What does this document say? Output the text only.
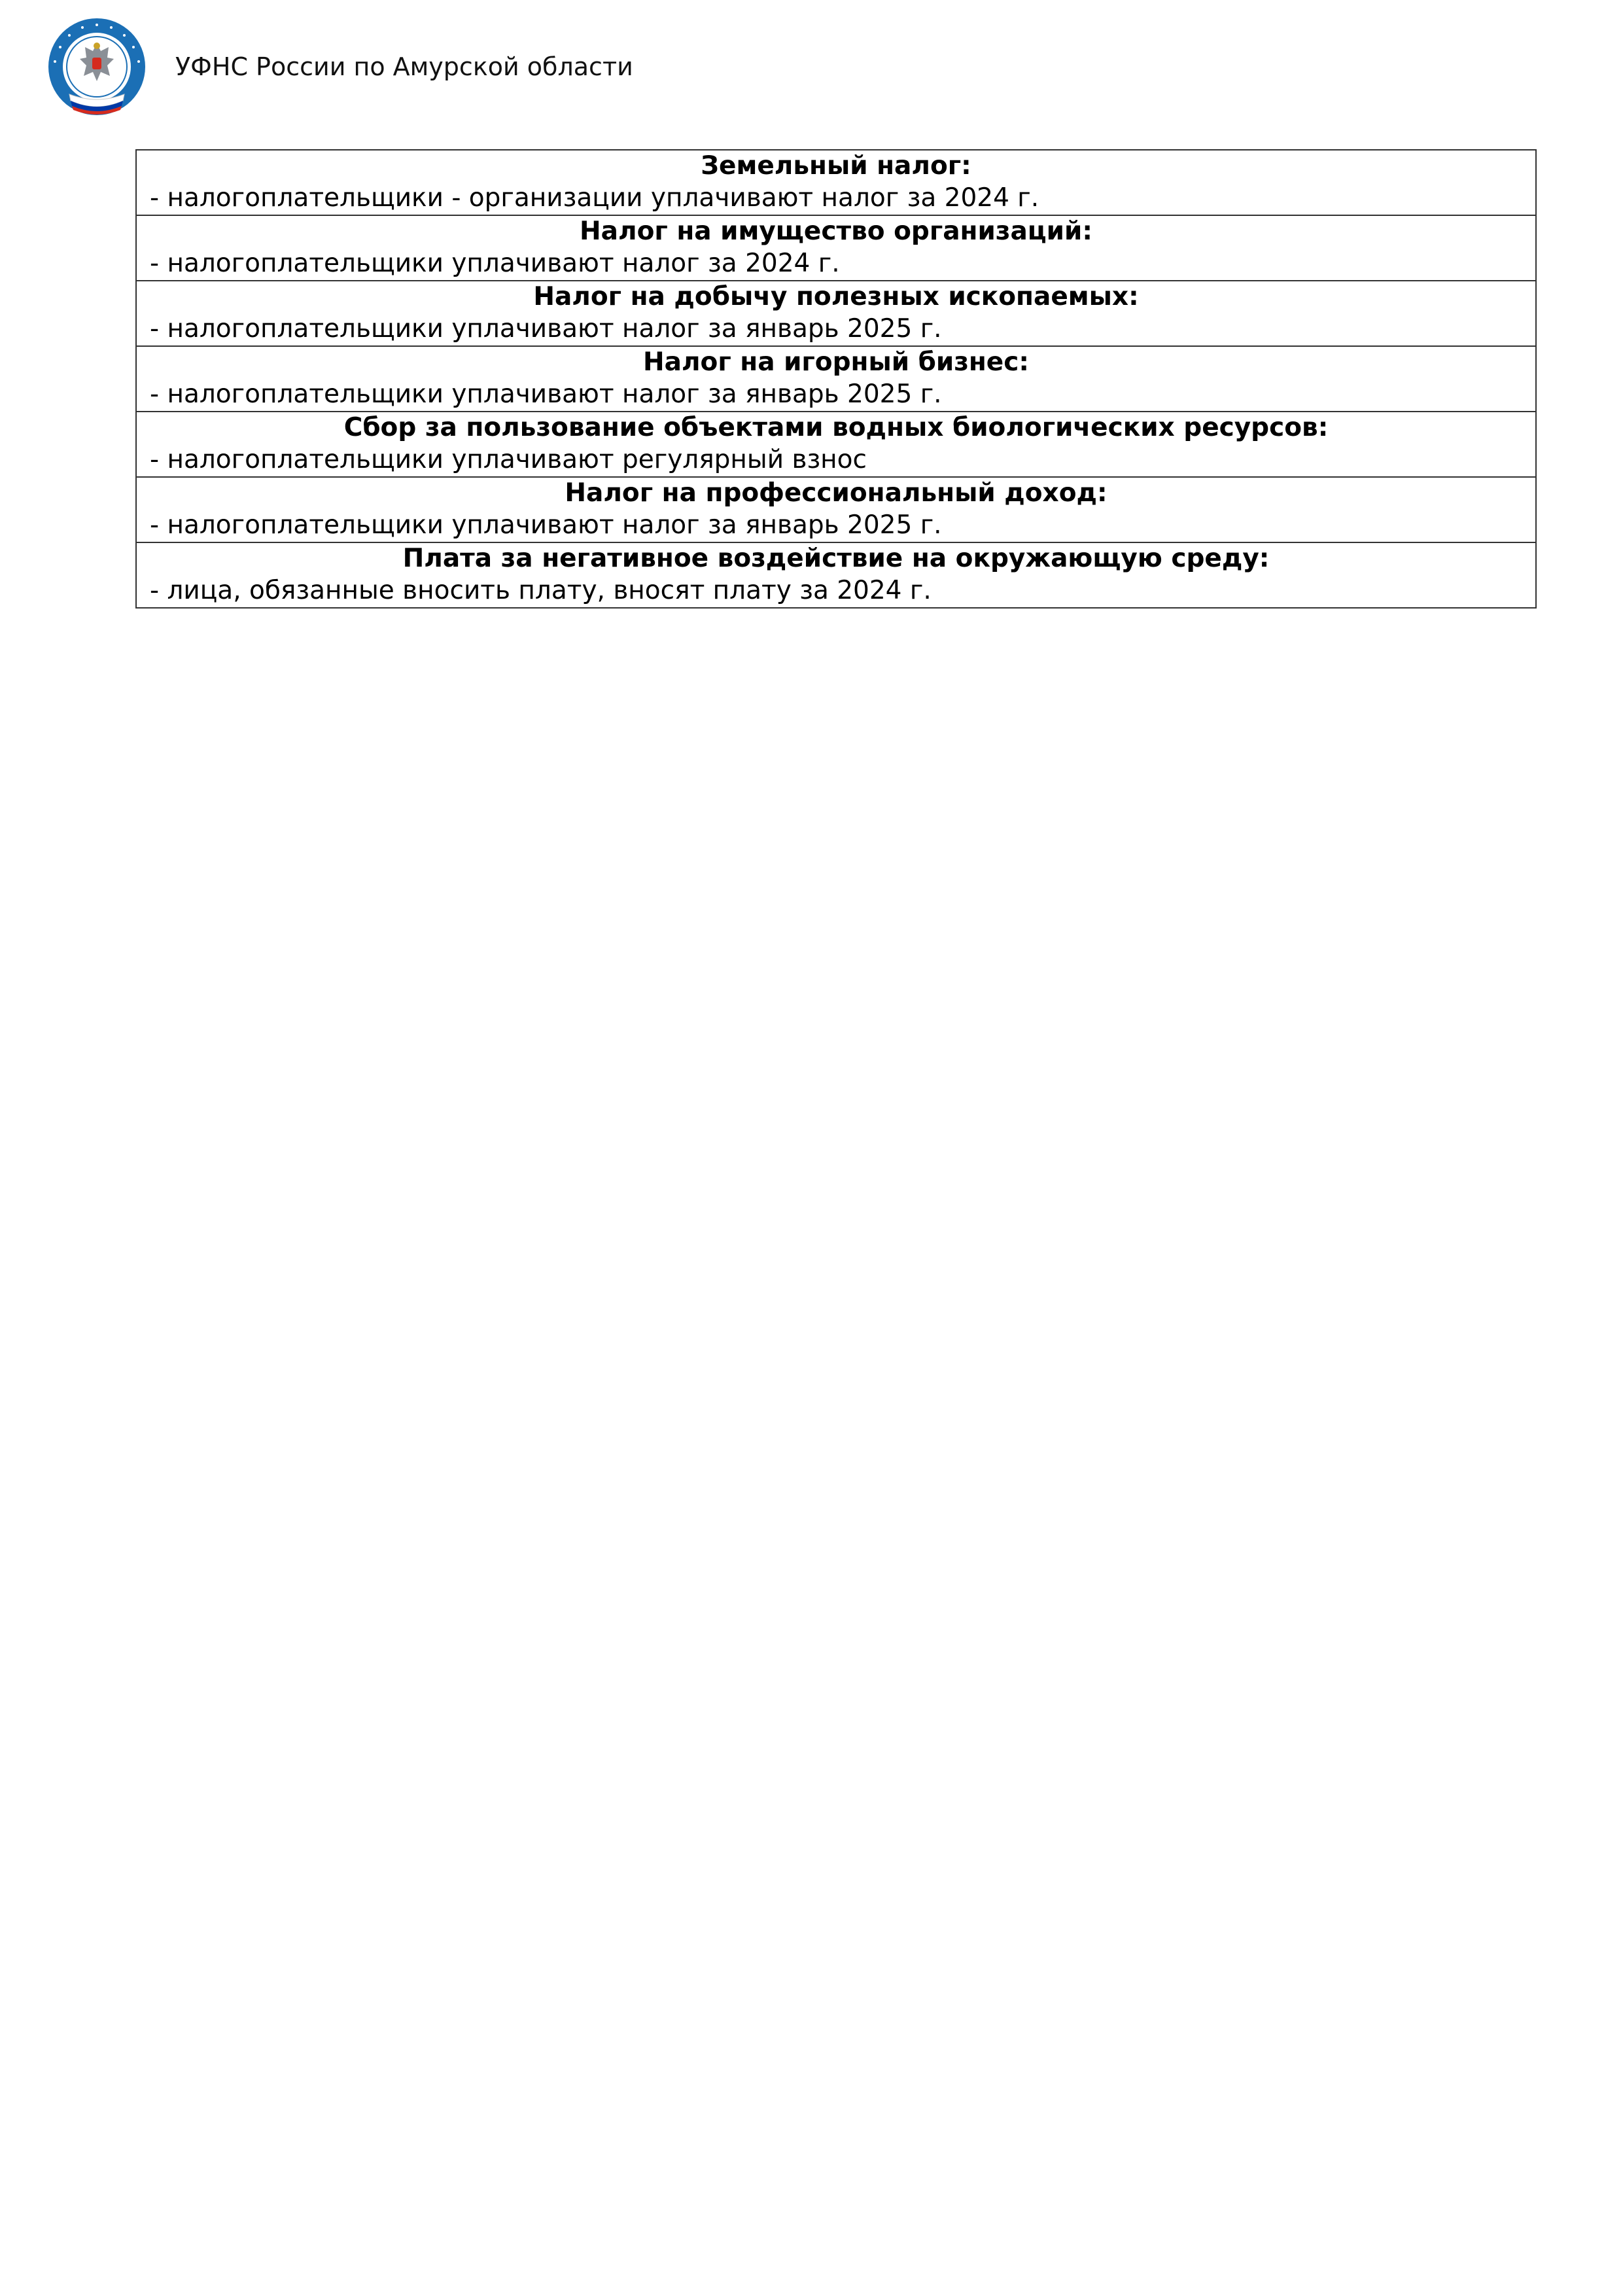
УФНС России по Амурской области
Земельный налог:
- налогоплательщики - организации уплачивают налог за 2024 г.

Налог на имущество организаций:
- налогоплательщики уплачивают налог за 2024 г.

Налог на добычу полезных ископаемых:
- налогоплательщики уплачивают налог за январь 2025 г.

Налог на игорный бизнес:
- налогоплательщики уплачивают налог за январь 2025 г.

Сбор за пользование объектами водных биологических ресурсов:
- налогоплательщики уплачивают регулярный взнос

Налог на профессиональный доход:
- налогоплательщики уплачивают налог за январь 2025 г.

Плата за негативное воздействие на окружающую среду:
- лица, обязанные вносить плату, вносят плату за 2024 г.
